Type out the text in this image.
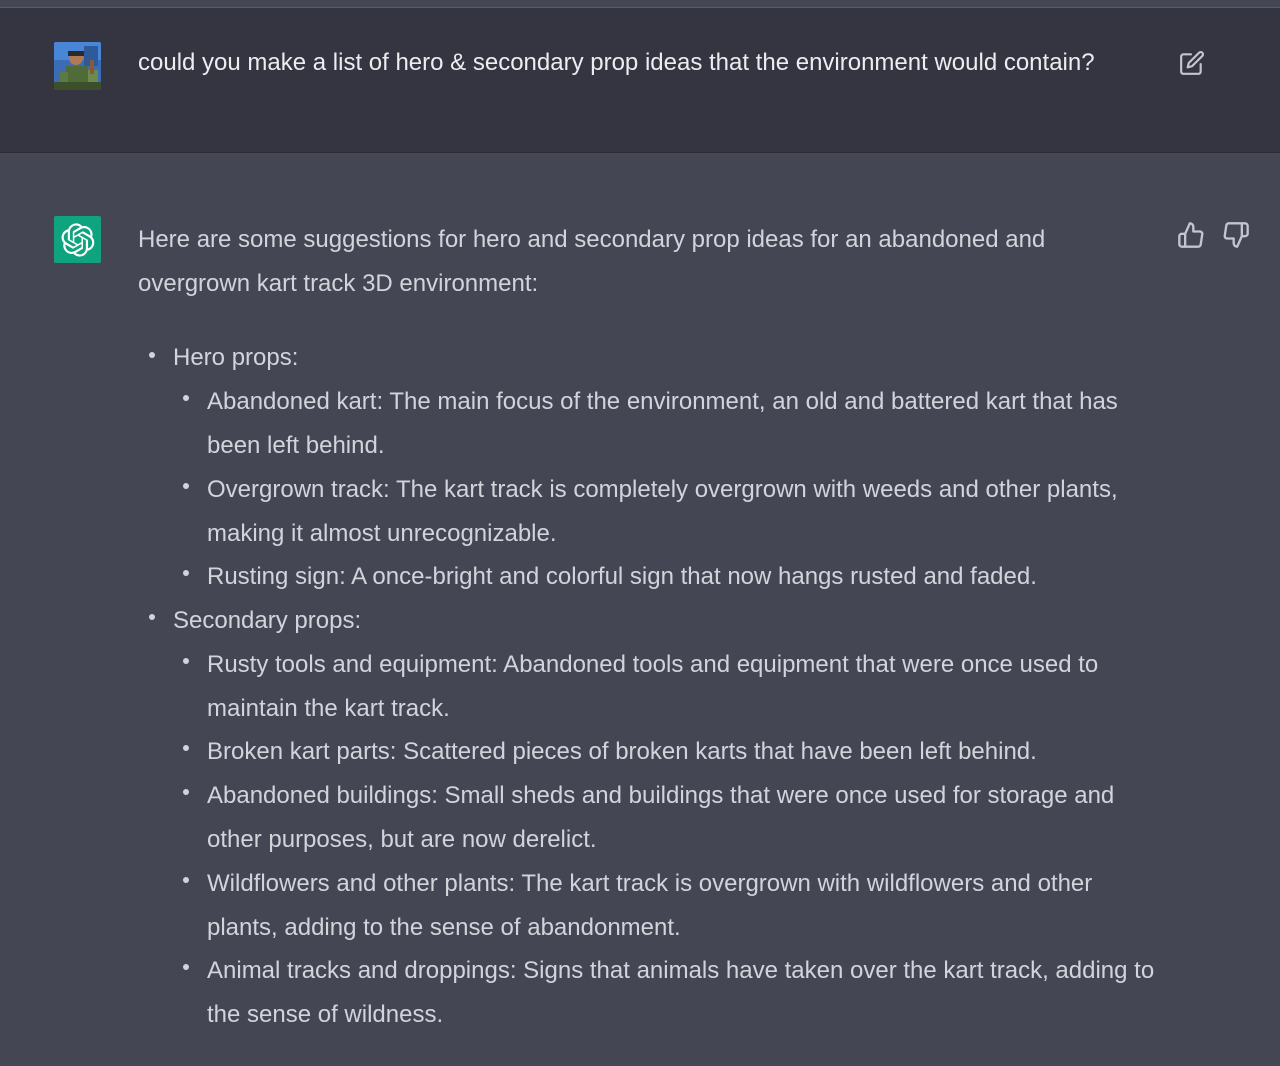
could you make a list of hero & secondary prop ideas that the environment would contain?
Here are some suggestions for hero and secondary prop ideas for an abandoned and overgrown kart track 3D environment:
Hero props:
Abandoned kart: The main focus of the environment, an old and battered kart that has been left behind.
Overgrown track: The kart track is completely overgrown with weeds and other plants, making it almost unrecognizable.
Rusting sign: A once-bright and colorful sign that now hangs rusted and faded.
Secondary props:
Rusty tools and equipment: Abandoned tools and equipment that were once used to maintain the kart track.
Broken kart parts: Scattered pieces of broken karts that have been left behind.
Abandoned buildings: Small sheds and buildings that were once used for storage and other purposes, but are now derelict.
Wildflowers and other plants: The kart track is overgrown with wildflowers and other plants, adding to the sense of abandonment.
Animal tracks and droppings: Signs that animals have taken over the kart track, adding to the sense of wildness.
